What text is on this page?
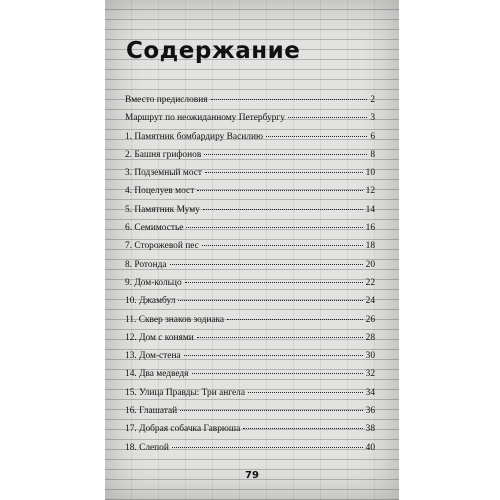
Содержание
Вместо предисловия	2
Маршрут по неожиданному Петербургу	3
1. Памятник бомбардиру Василию	6
2. Башня грифонов	8
3. Подземный мост	10
4. Поцелуев мост	12
5. Памятник Муму	14
6. Семимостье	16
7. Сторожевой пес	18
8. Ротонда	20
9. Дом-кольцо	22
10. Джамбул	24
11. Сквер знаков зодиака	26
12. Дом с конями	28
13. Дом-стена	30
14. Два медведя	32
15. Улица Правды: Три ангела	34
16. Глашатай	36
17. Добрая собачка Гаврюша	38
18. Слепой	40
79
